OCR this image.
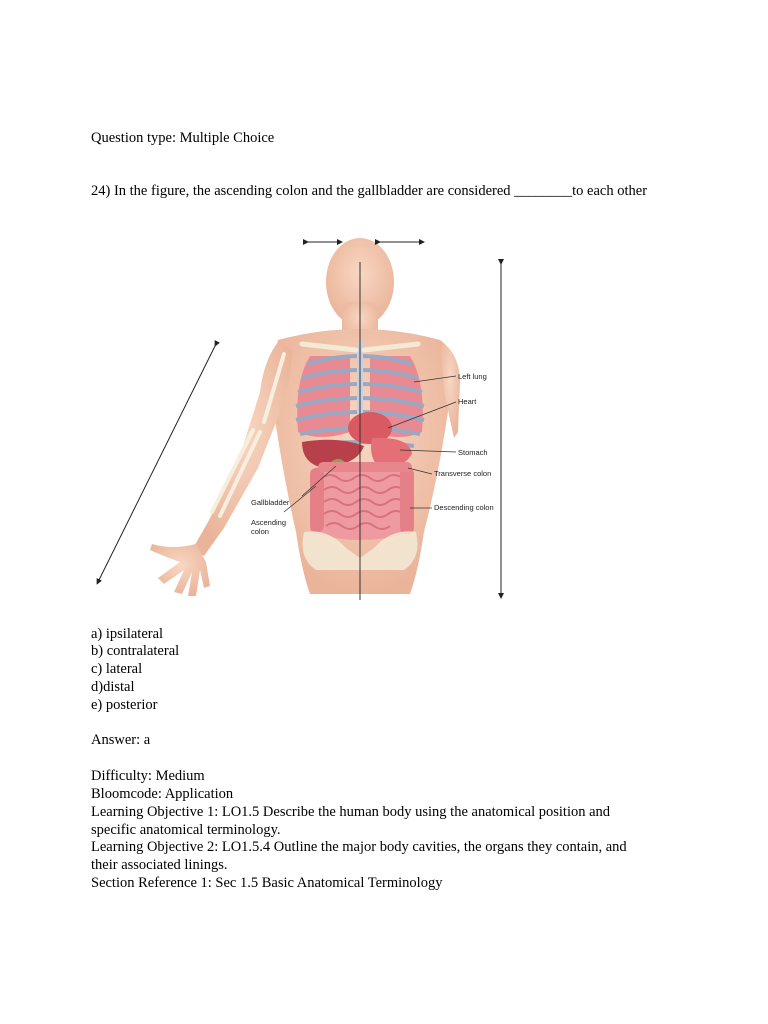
Question type: Multiple Choice
24) In the figure, the ascending colon and the gallbladder are considered ________to each other
Left lung
Heart
Stomach
Transverse colon
Descending colon
Gallbladder
Ascending
colon
a) ipsilateral
b) contralateral
c) lateral
d)distal
e) posterior
Answer: a
Difficulty: Medium
Bloomcode: Application
Learning Objective 1: LO1.5 Describe the human body using the anatomical position and
specific anatomical terminology.
Learning Objective 2: LO1.5.4 Outline the major body cavities, the organs they contain, and
their associated linings.
Section Reference 1: Sec 1.5 Basic Anatomical Terminology
